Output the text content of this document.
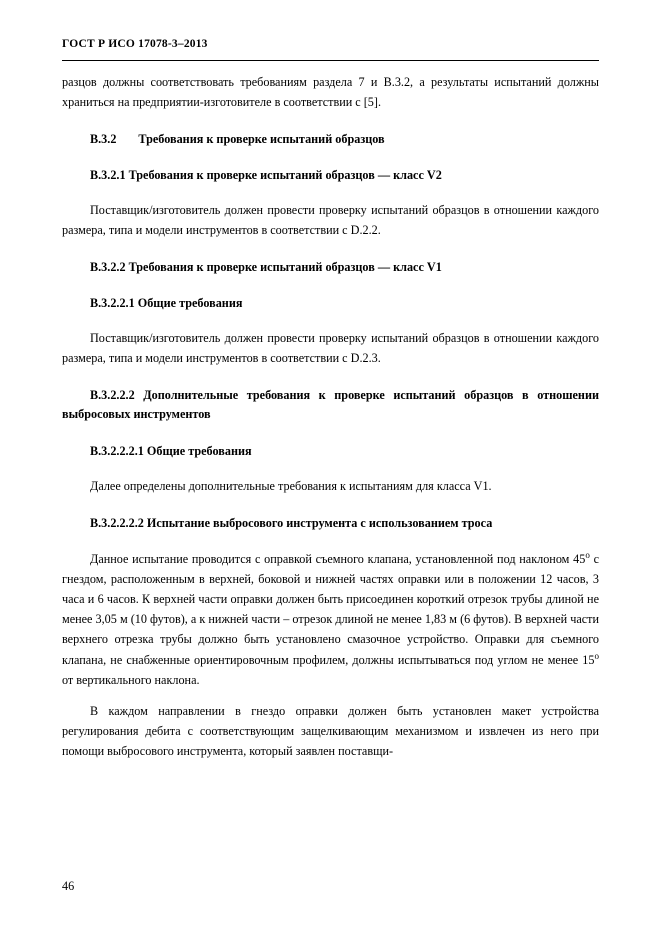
ГОСТ Р ИСО 17078-3–2013

разцов должны соответствовать требованиям раздела 7 и В.3.2, а результаты испытаний должны храниться на предприятии-изготовителе в соответствии с [5].

В.3.2 Требования к проверке испытаний образцов

В.3.2.1 Требования к проверке испытаний образцов — класс V2

Поставщик/изготовитель должен провести проверку испытаний образцов в отношении каждого размера, типа и модели инструментов в соответствии с D.2.2.

В.3.2.2 Требования к проверке испытаний образцов — класс V1

В.3.2.2.1 Общие требования

Поставщик/изготовитель должен провести проверку испытаний образцов в отношении каждого размера, типа и модели инструментов в соответствии с D.2.3.

В.3.2.2.2 Дополнительные требования к проверке испытаний образцов в отношении выбросовых инструментов

В.3.2.2.2.1 Общие требования

Далее определены дополнительные требования к испытаниям для класса V1.

В.3.2.2.2.2 Испытание выбросового инструмента с использованием троса

Данное испытание проводится с оправкой съемного клапана, установленной под наклоном 45$^o$ с гнездом, расположенным в верхней, боковой и нижней частях оправки или в положении 12 часов, 3 часа и 6 часов. К верхней части оправки должен быть присоединен короткий отрезок трубы длиной не менее 3,05 м (10 футов), а к нижней части – отрезок длиной не менее 1,83 м (6 футов). В верхней части верхнего отрезка трубы должно быть установлено смазочное устройство. Оправки для съемного клапана, не снабженные ориентировочным профилем, должны испытываться под углом не менее 15$^o$ от вертикального наклона.

В каждом направлении в гнездо оправки должен быть установлен макет устройства регулирования дебита с соответствующим защелкивающим механизмом и извлечен из него при помощи выбросового инструмента, который заявлен поставщи-

46
